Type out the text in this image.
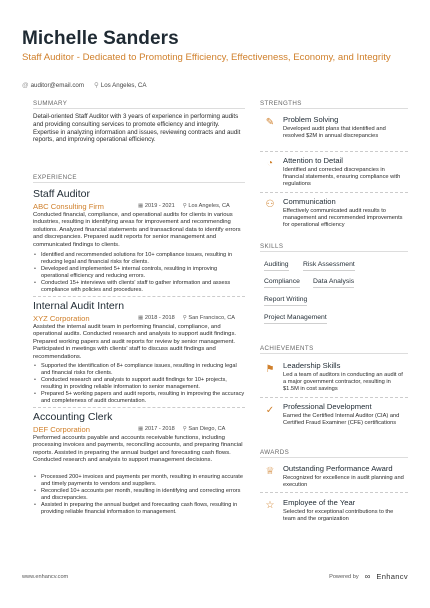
Michelle Sanders
Staff Auditor - Dedicated to Promoting Efficiency, Effectiveness, Economy, and Integrity
@ auditor@email.com ⚲ Los Angeles, CA
SUMMARY
Detail-oriented Staff Auditor with 3 years of experience in performing audits and providing consulting services to promote efficiency and integrity. Expertise in analyzing information and issues, reviewing contracts and audit reports, and improving operational efficiency.
EXPERIENCE
Staff Auditor
ABC Consulting Firm	▦ 2019 - 2021 ⚲ Los Angeles, CA
Conducted financial, compliance, and operational audits for clients in various industries, resulting in identifying areas for improvement and recommending solutions. Analyzed financial statements and transactional data to identify errors and discrepancies. Prepared audit reports for senior management and communicated findings to clients.
• Identified and recommended solutions for 10+ compliance issues, resulting in reducing legal and financial risks for clients.
• Developed and implemented 5+ internal controls, resulting in improving operational efficiency and reducing errors.
• Conducted 15+ interviews with clients' staff to gather information and assess compliance with policies and procedures.
Internal Audit Intern
XYZ Corporation	▦ 2018 - 2018 ⚲ San Francisco, CA
Assisted the internal audit team in performing financial, compliance, and operational audits. Conducted research and analysis to support audit findings. Prepared working papers and audit reports for review by senior management. Participated in meetings with clients' staff to discuss audit findings and recommendations.
• Supported the identification of 8+ compliance issues, resulting in reducing legal and financial risks for clients.
• Conducted research and analysis to support audit findings for 10+ projects, resulting in providing reliable information to senior management.
• Prepared 5+ working papers and audit reports, resulting in improving the accuracy and completeness of audit documentation.
Accounting Clerk
DEF Corporation	▦ 2017 - 2018 ⚲ San Diego, CA
Performed accounts payable and accounts receivable functions, including processing invoices and payments, reconciling accounts, and preparing financial reports. Assisted in preparing the annual budget and forecasting cash flows. Conducted research and analysis to support management decisions.
• Processed 200+ invoices and payments per month, resulting in ensuring accurate and timely payments to vendors and suppliers.
• Reconciled 10+ accounts per month, resulting in identifying and correcting errors and discrepancies.
• Assisted in preparing the annual budget and forecasting cash flows, resulting in providing reliable financial information to management.
STRENGTHS
✎	Problem Solving
Developed audit plans that identified and resolved $2M in annual discrepancies
◔	Attention to Detail
Identified and corrected discrepancies in financial statements, ensuring compliance with regulations
⚇	Communication
Effectively communicated audit results to management and recommended improvements for operational efficiency
SKILLS
Auditing Risk Assessment
Compliance Data Analysis
Report Writing
Project Management
ACHIEVEMENTS
⚑	Leadership Skills
Led a team of auditors in conducting an audit of a major government contractor, resulting in $1.5M in cost savings
✓	Professional Development
Earned the Certified Internal Auditor (CIA) and Certified Fraud Examiner (CFE) certifications
AWARDS
♕	Outstanding Performance Award
Recognized for excellence in audit planning and execution
☆	Employee of the Year
Selected for exceptional contributions to the team and the organization
www.enhancv.com	Powered by ∞ Enhancv
